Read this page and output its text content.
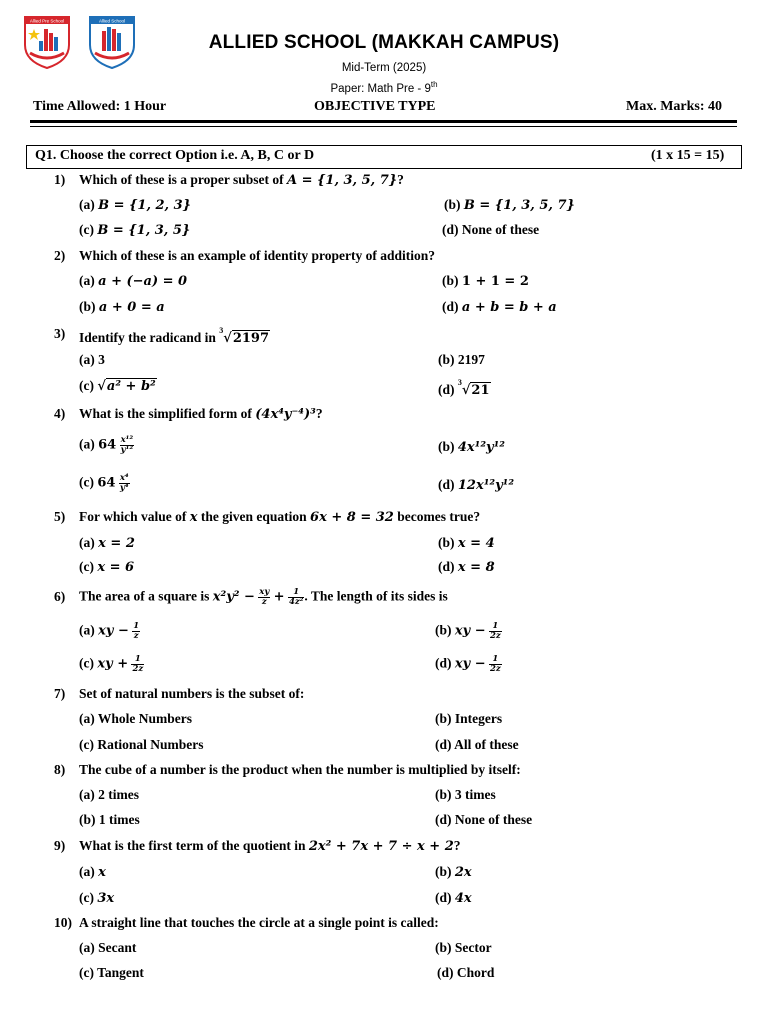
Allied Pre School	Allied School
ALLIED SCHOOL (MAKKAH CAMPUS)
Mid-Term (2025)
Paper: Math Pre - 9th
Time Allowed: 1 Hour	OBJECTIVE TYPE	Max. Marks: 40
Q1. Choose the correct Option i.e. A, B, C or D	(1 x 15 = 15)
1) Which of these is a proper subset of A = {1, 3, 5, 7}?
(a) B = {1, 2, 3}	(b) B = {1, 3, 5, 7}
(c) B = {1, 3, 5}	(d) None of these
2) Which of these is an example of identity property of addition?
(a) a + (−a) = 0	(b) 1 + 1 = 2
(b) a + 0 = a	(d) a + b = b + a
3) Identify the radicand in $^3$√2197
(a) 3	(b) 2197
(c) √a² + b²	(d) $^3$√21
4) What is the simplified form of (4x⁴y⁻⁴)³?
(a) $64 \frac{\text{x¹²}}{\text{y¹²}}$	(b) 4x¹²y¹²
(c) $64 \frac{\text{x⁴}}{\text{y⁴}}$	(d) 12x¹²y¹²
5) For which value of x the given equation 6x + 8 = 32 becomes true?
(a) x = 2	(b) x = 4
(c) x = 6	(d) x = 8
6) The area of a square is $x^2y^2 - \frac{xy}{z} + \frac{1}{\text{4z²}}$ . The length of its sides is
(a) xy − $\frac{1}{z}$	(b) xy − $\frac{1}{2z}$
(c) xy + $\frac{1}{2z}$	(d) xy − $\frac{1}{2z}$
7) Set of natural numbers is the subset of:
(a) Whole Numbers	(b) Integers
(c) Rational Numbers	(d) All of these
8) The cube of a number is the product when the number is multiplied by itself:
(a) 2 times	(b) 3 times
(b) 1 times	(d) None of these
9) What is the first term of the quotient in 2x² + 7x + 7 ÷ x + 2?
(a) x	(b) 2x
(c) 3x	(d) 4x
10) A straight line that touches the circle at a single point is called:
(a) Secant	(b) Sector
(c) Tangent	(d) Chord
